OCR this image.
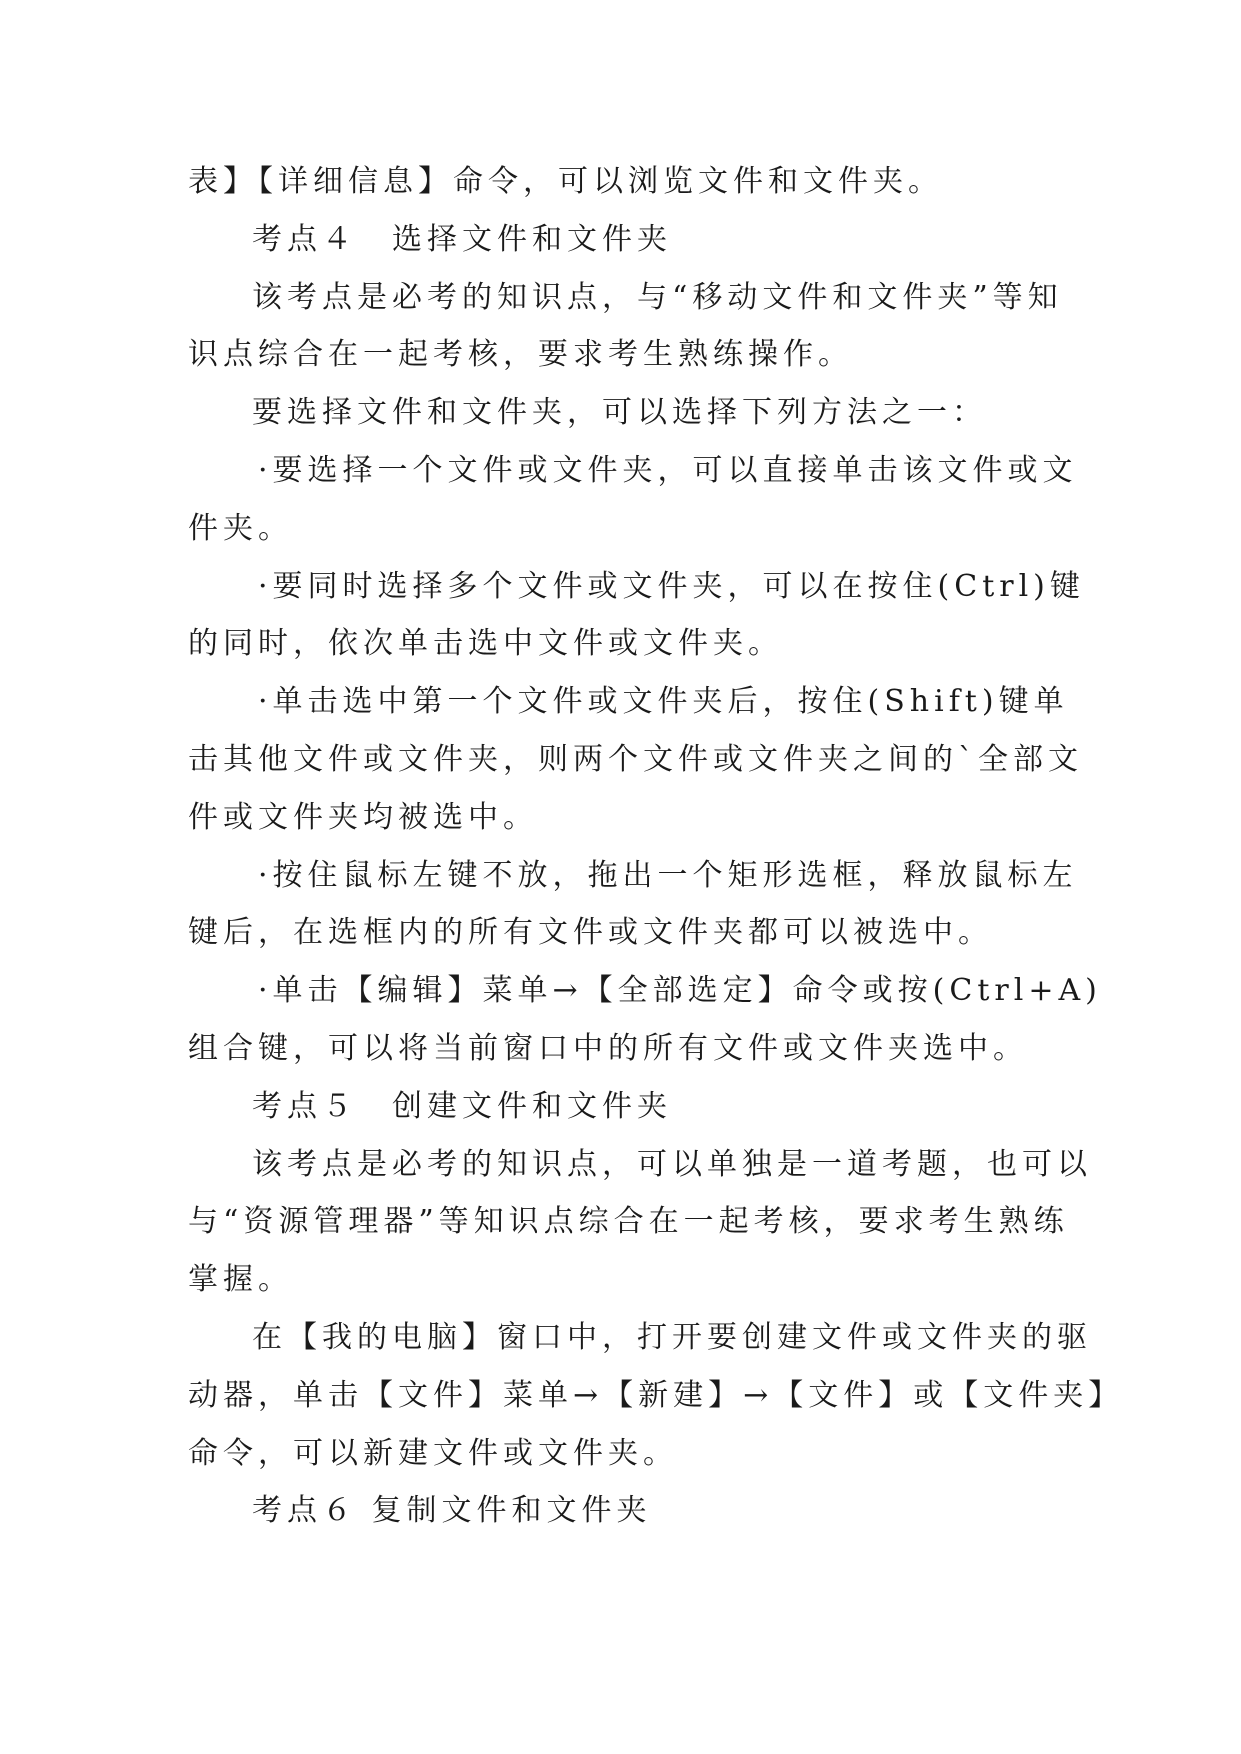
表】【详细信息】命令，可以浏览文件和文件夹。
考点４　选择文件和文件夹
该考点是必考的知识点，与“移动文件和文件夹”等知
识点综合在一起考核，要求考生熟练操作。
要选择文件和文件夹，可以选择下列方法之一：
·要选择一个文件或文件夹，可以直接单击该文件或文
件夹。
·要同时选择多个文件或文件夹，可以在按住(Ctrl)键
的同时，依次单击选中文件或文件夹。
·单击选中第一个文件或文件夹后，按住(Shift)键单
击其他文件或文件夹，则两个文件或文件夹之间的`全部文
件或文件夹均被选中。
·按住鼠标左键不放，拖出一个矩形选框，释放鼠标左
键后，在选框内的所有文件或文件夹都可以被选中。
·单击【编辑】菜单→【全部选定】命令或按(Ctrl+A)
组合键，可以将当前窗口中的所有文件或文件夹选中。
考点５　创建文件和文件夹
该考点是必考的知识点，可以单独是一道考题，也可以
与“资源管理器”等知识点综合在一起考核，要求考生熟练
掌握。
在【我的电脑】窗口中，打开要创建文件或文件夹的驱
动器，单击【文件】菜单→【新建】→【文件】或【文件夹】
命令，可以新建文件或文件夹。
考点６ 复制文件和文件夹
